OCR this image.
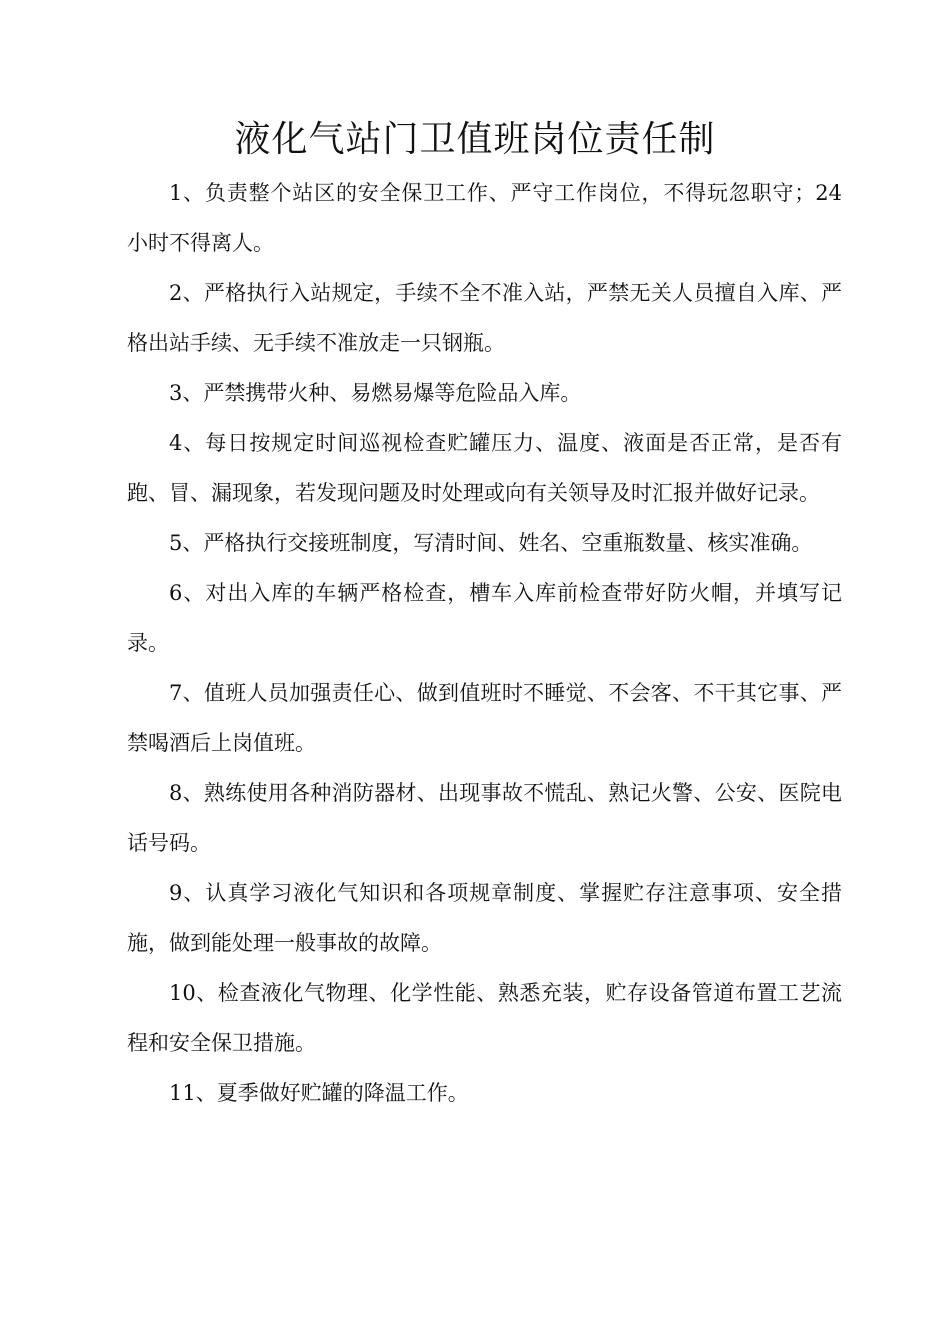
液化气站门卫值班岗位责任制

1、负责整个站区的安全保卫工作、严守工作岗位，不得玩忽职守；24 小时不得离人。

2、严格执行入站规定，手续不全不准入站，严禁无关人员擅自入库、严格出站手续、无手续不准放走一只钢瓶。

3、严禁携带火种、易燃易爆等危险品入库。

4、每日按规定时间巡视检查贮罐压力、温度、液面是否正常，是否有跑、冒、漏现象，若发现问题及时处理或向有关领导及时汇报并做好记录。

5、严格执行交接班制度，写清时间、姓名、空重瓶数量、核实准确。

6、对出入库的车辆严格检查，槽车入库前检查带好防火帽，并填写记录。

7、值班人员加强责任心、做到值班时不睡觉、不会客、不干其它事、严禁喝酒后上岗值班。

8、熟练使用各种消防器材、出现事故不慌乱、熟记火警、公安、医院电话号码。

9、认真学习液化气知识和各项规章制度、掌握贮存注意事项、安全措施，做到能处理一般事故的故障。

10、检查液化气物理、化学性能、熟悉充装，贮存设备管道布置工艺流程和安全保卫措施。

11、夏季做好贮罐的降温工作。
